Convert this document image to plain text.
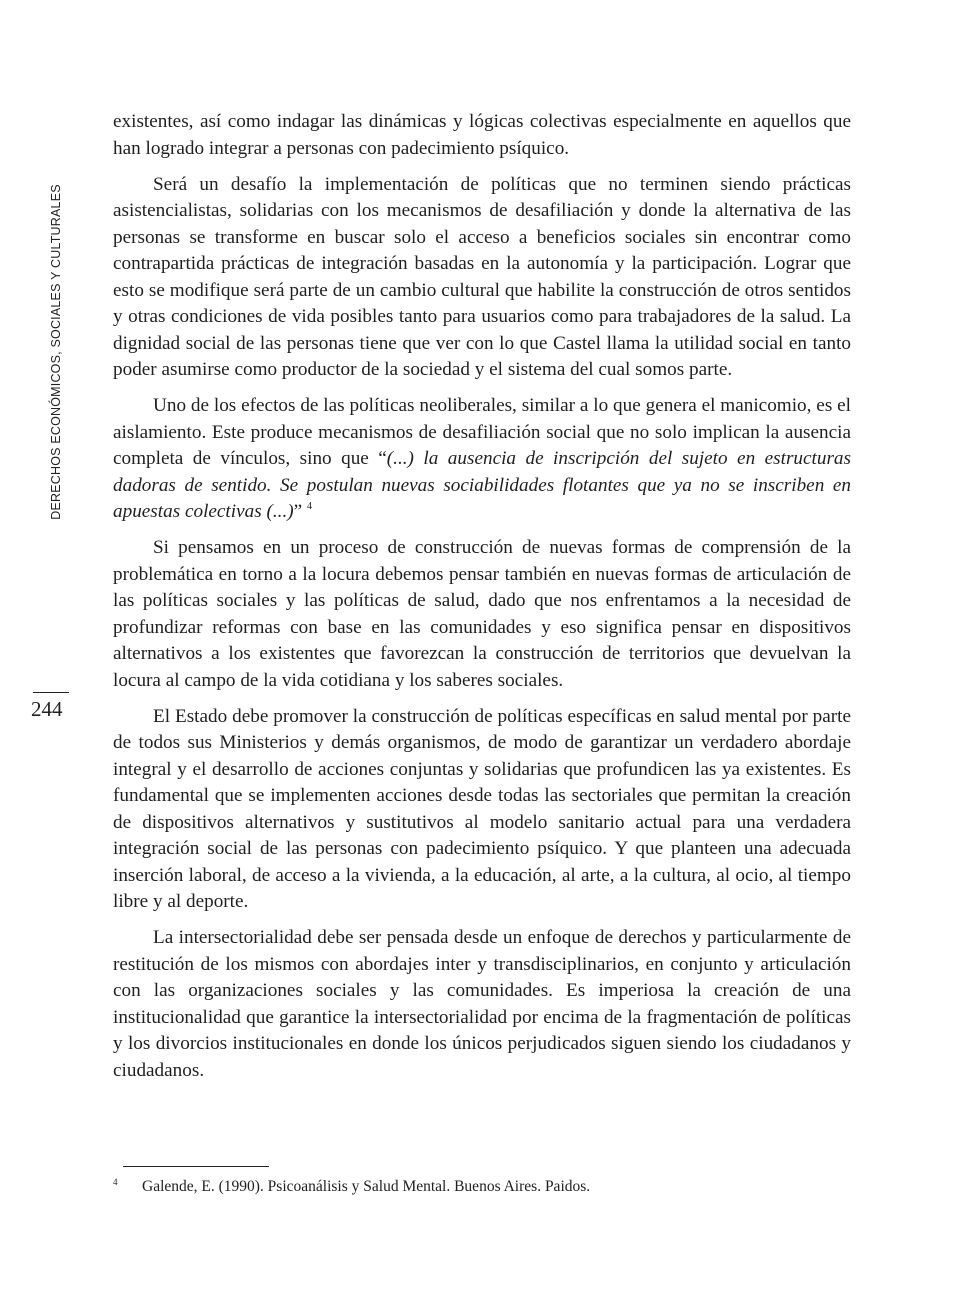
DERECHOS ECONÓMICOS, SOCIALES Y CULTURALES
244

existentes, así como indagar las dinámicas y lógicas colectivas especialmente en aquellos que han logrado integrar a personas con padecimiento psíquico.

Será un desafío la implementación de políticas que no terminen siendo prácticas asistencialistas, solidarias con los mecanismos de desafiliación y donde la alternativa de las personas se transforme en buscar solo el acceso a beneficios sociales sin encontrar como contrapartida prácticas de integración basadas en la autonomía y la participación. Lograr que esto se modifique será parte de un cambio cultural que habilite la construcción de otros sentidos y otras condiciones de vida posibles tanto para usuarios como para trabajadores de la salud. La dignidad social de las personas tiene que ver con lo que Castel llama la utilidad social en tanto poder asumirse como productor de la sociedad y el sistema del cual somos parte.

Uno de los efectos de las políticas neoliberales, similar a lo que genera el manicomio, es el aislamiento. Este produce mecanismos de desafiliación social que no solo implican la ausencia completa de vínculos, sino que “(...) la ausencia de inscripción del sujeto en estructuras dadoras de sentido. Se postulan nuevas sociabilidades flotantes que ya no se inscriben en apuestas colectivas (...)” $^4$

Si pensamos en un proceso de construcción de nuevas formas de comprensión de la problemática en torno a la locura debemos pensar también en nuevas formas de articulación de las políticas sociales y las políticas de salud, dado que nos enfrentamos a la necesidad de profundizar reformas con base en las comunidades y eso significa pensar en dispositivos alternativos a los existentes que favorezcan la construcción de territorios que devuelvan la locura al campo de la vida cotidiana y los saberes sociales.

El Estado debe promover la construcción de políticas específicas en salud mental por parte de todos sus Ministerios y demás organismos, de modo de garantizar un verdadero abordaje integral y el desarrollo de acciones conjuntas y solidarias que profundicen las ya existentes. Es fundamental que se implementen acciones desde todas las sectoriales que permitan la creación de dispositivos alternativos y sustitutivos al modelo sanitario actual para una verdadera integración social de las personas con padecimiento psíquico. Y que planteen una adecuada inserción laboral, de acceso a la vivienda, a la educación, al arte, a la cultura, al ocio, al tiempo libre y al deporte.

La intersectorialidad debe ser pensada desde un enfoque de derechos y particularmente de restitución de los mismos con abordajes inter y transdisciplinarios, en conjunto y articulación con las organizaciones sociales y las comunidades. Es imperiosa la creación de una institucionalidad que garantice la intersectorialidad por encima de la fragmentación de políticas y los divorcios institucionales en donde los únicos perjudicados siguen siendo los ciudadanos y ciudadanos.

4 Galende, E. (1990). Psicoanálisis y Salud Mental. Buenos Aires. Paidos.
